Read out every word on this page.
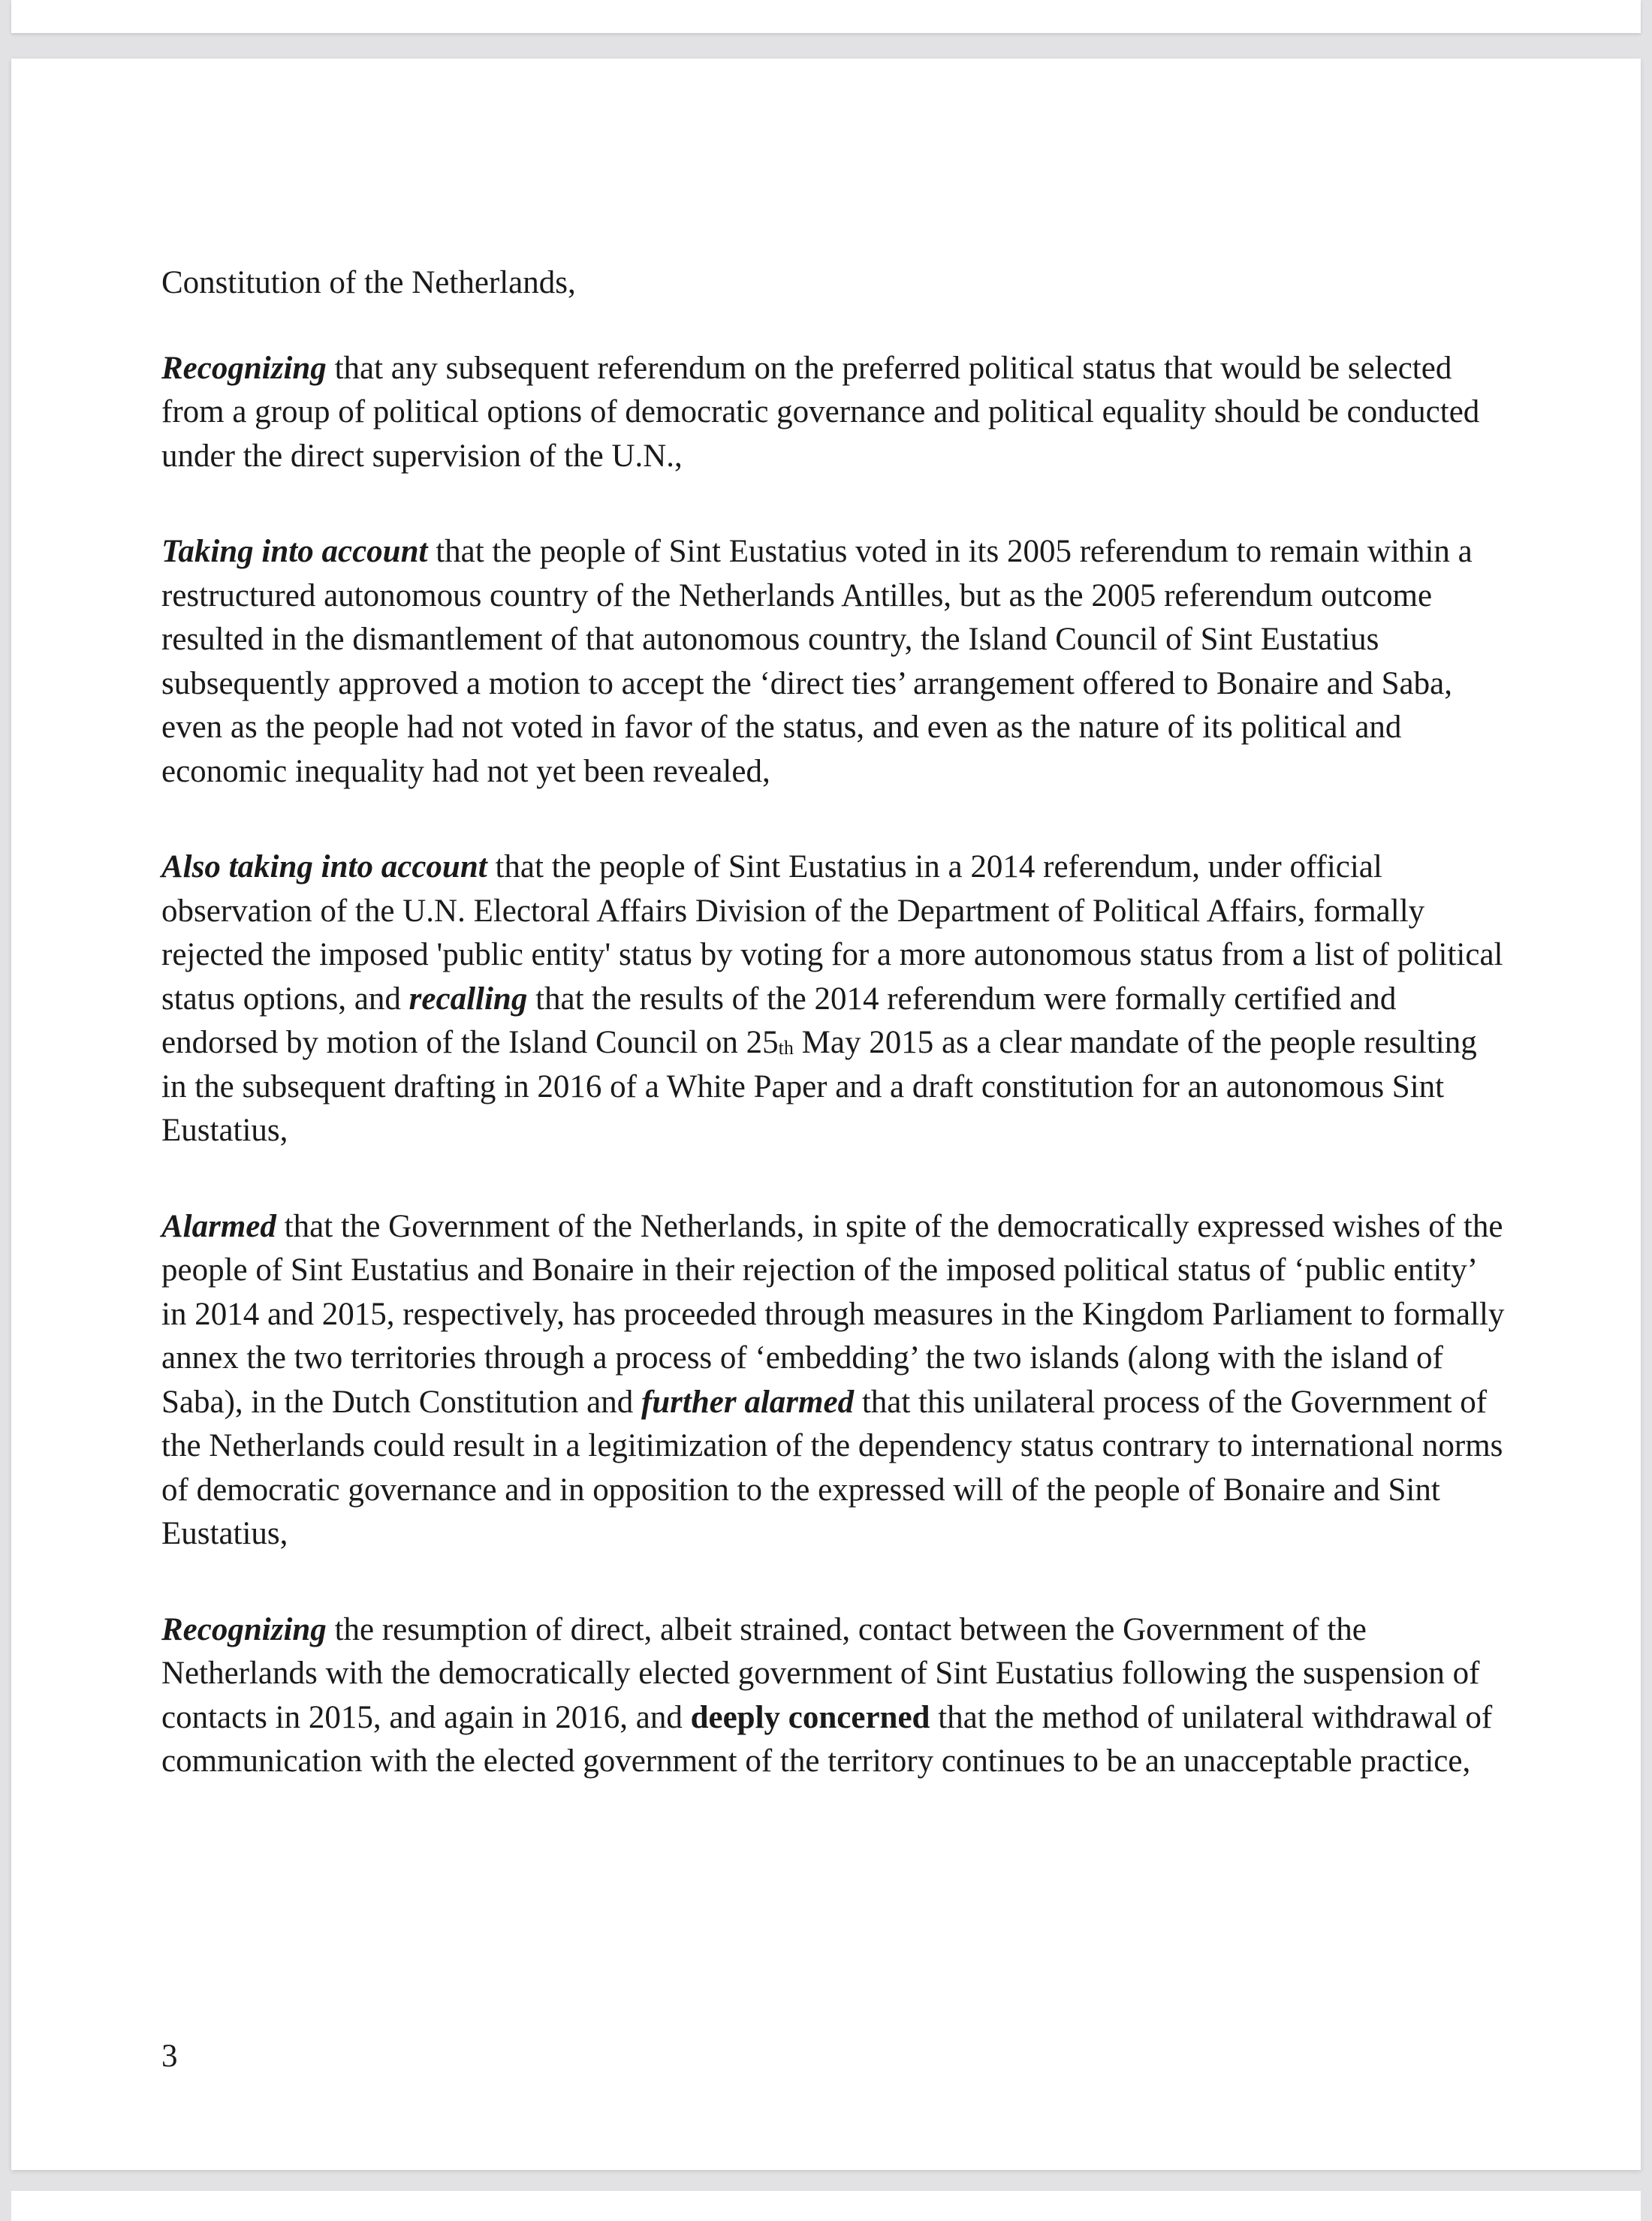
Constitution of the Netherlands,

Recognizing that any subsequent referendum on the preferred political status that would be selected from a group of political options of democratic governance and political equality should be conducted under the direct supervision of the U.N.,

Taking into account that the people of Sint Eustatius voted in its 2005 referendum to remain within a restructured autonomous country of the Netherlands Antilles, but as the 2005 referendum outcome resulted in the dismantlement of that autonomous country, the Island Council of Sint Eustatius subsequently approved a motion to accept the ‘direct ties’ arrangement offered to Bonaire and Saba, even as the people had not voted in favor of the status, and even as the nature of its political and economic inequality had not yet been revealed,

Also taking into account that the people of Sint Eustatius in a 2014 referendum, under official observation of the U.N. Electoral Affairs Division of the Department of Political Affairs, formally rejected the imposed 'public entity' status by voting for a more autonomous status from a list of political status options, and recalling that the results of the 2014 referendum were formally certified and endorsed by motion of the Island Council on 25th May 2015 as a clear mandate of the people resulting in the subsequent drafting in 2016 of a White Paper and a draft constitution for an autonomous Sint Eustatius,

Alarmed that the Government of the Netherlands, in spite of the democratically expressed wishes of the people of Sint Eustatius and Bonaire in their rejection of the imposed political status of ‘public entity’ in 2014 and 2015, respectively, has proceeded through measures in the Kingdom Parliament to formally annex the two territories through a process of ‘embedding’ the two islands (along with the island of Saba), in the Dutch Constitution and further alarmed that this unilateral process of the Government of the Netherlands could result in a legitimization of the dependency status contrary to international norms of democratic governance and in opposition to the expressed will of the people of Bonaire and Sint Eustatius,

Recognizing the resumption of direct, albeit strained, contact between the Government of the Netherlands with the democratically elected government of Sint Eustatius following the suspension of contacts in 2015, and again in 2016, and deeply concerned that the method of unilateral withdrawal of communication with the elected government of the territory continues to be an unacceptable practice,

3
